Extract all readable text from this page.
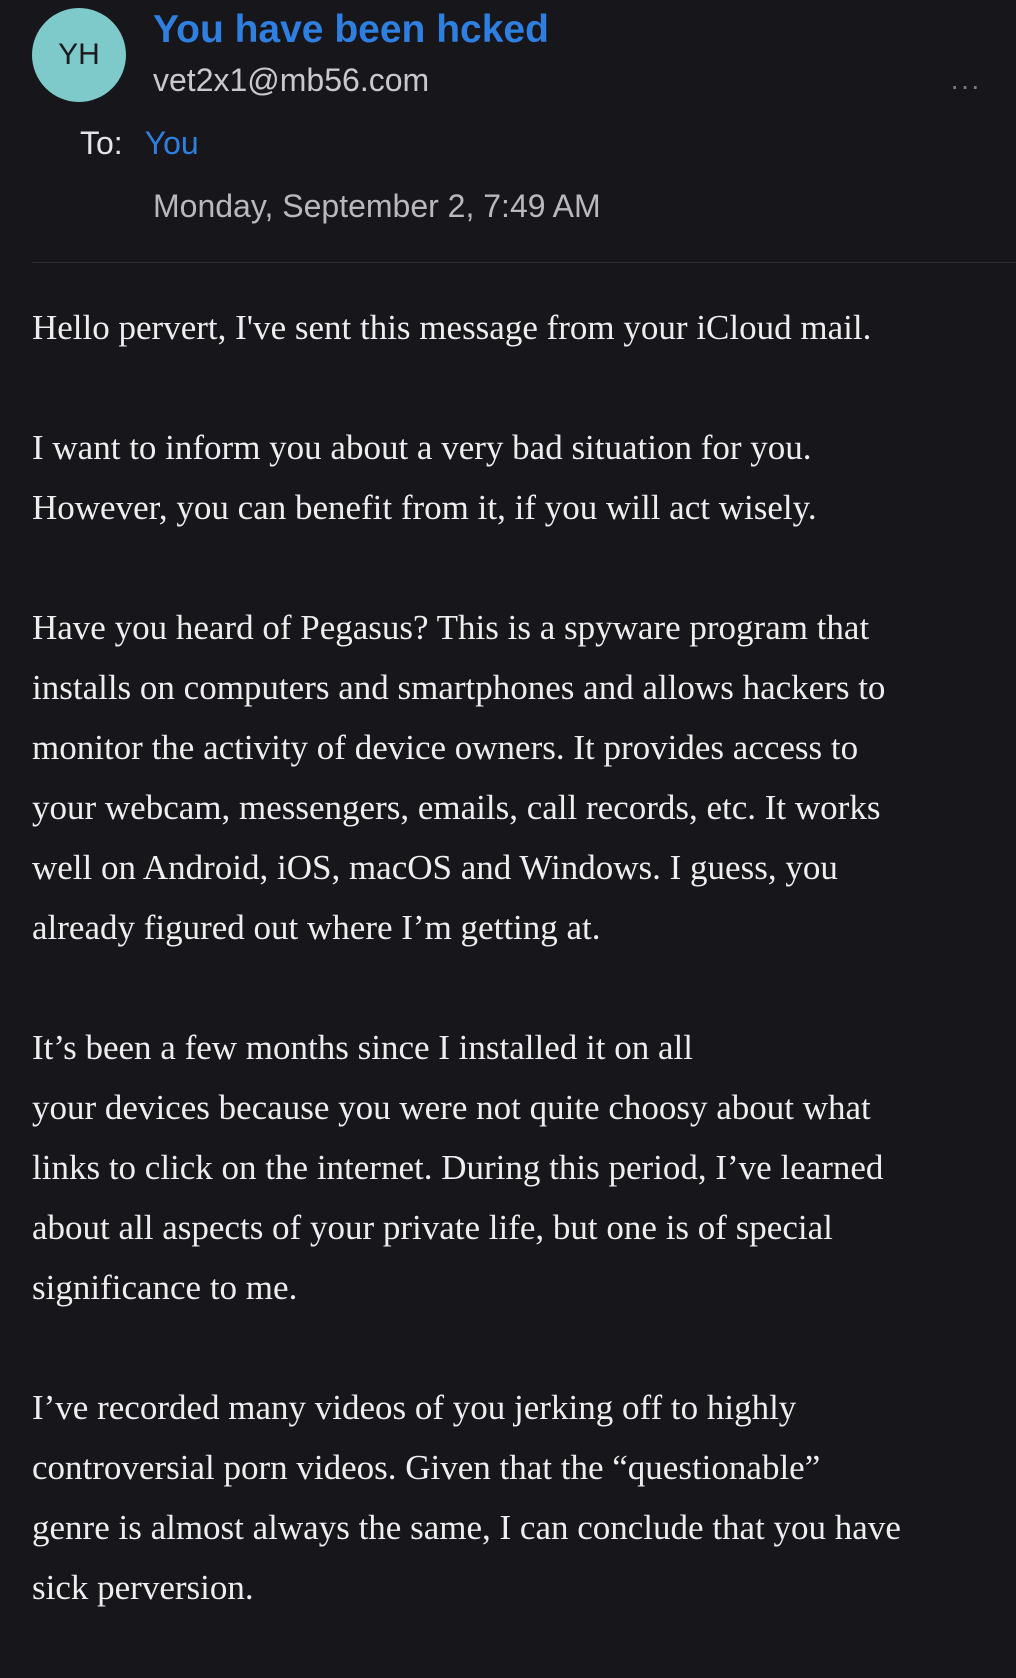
YH
You have been hcked
vet2x1@mb56.com	···
To: You
Monday, September 2, 7:49 AM

Hello pervert, I've sent this message from your iCloud mail.

I want to inform you about a very bad situation for you.
However, you can benefit from it, if you will act wisely.

Have you heard of Pegasus? This is a spyware program that
installs on computers and smartphones and allows hackers to
monitor the activity of device owners. It provides access to
your webcam, messengers, emails, call records, etc. It works
well on Android, iOS, macOS and Windows. I guess, you
already figured out where I’m getting at.

It’s been a few months since I installed it on all
your devices because you were not quite choosy about what
links to click on the internet. During this period, I’ve learned
about all aspects of your private life, but one is of special
significance to me.

I’ve recorded many videos of you jerking off to highly
controversial porn videos. Given that the “questionable”
genre is almost always the same, I can conclude that you have
sick perversion.
